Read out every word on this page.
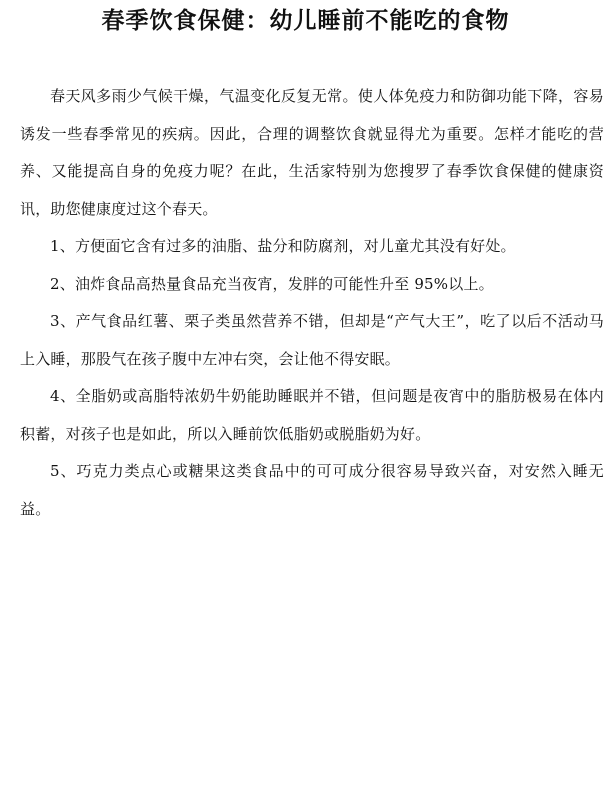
春季饮食保健：幼儿睡前不能吃的食物

春天风多雨少气候干燥，气温变化反复无常。使人体免疫力和防御功能下降，容易诱发一些春季常见的疾病。因此，合理的调整饮食就显得尤为重要。怎样才能吃的营养、又能提高自身的免疫力呢？在此，生活家特别为您搜罗了春季饮食保健的健康资讯，助您健康度过这个春天。

1、方便面它含有过多的油脂、盐分和防腐剂，对儿童尤其没有好处。

2、油炸食品高热量食品充当夜宵，发胖的可能性升至 95%以上。

3、产气食品红薯、栗子类虽然营养不错，但却是“产气大王”，吃了以后不活动马上入睡，那股气在孩子腹中左冲右突，会让他不得安眠。

4、全脂奶或高脂特浓奶牛奶能助睡眠并不错，但问题是夜宵中的脂肪极易在体内积蓄，对孩子也是如此，所以入睡前饮低脂奶或脱脂奶为好。

5、巧克力类点心或糖果这类食品中的可可成分很容易导致兴奋，对安然入睡无益。
